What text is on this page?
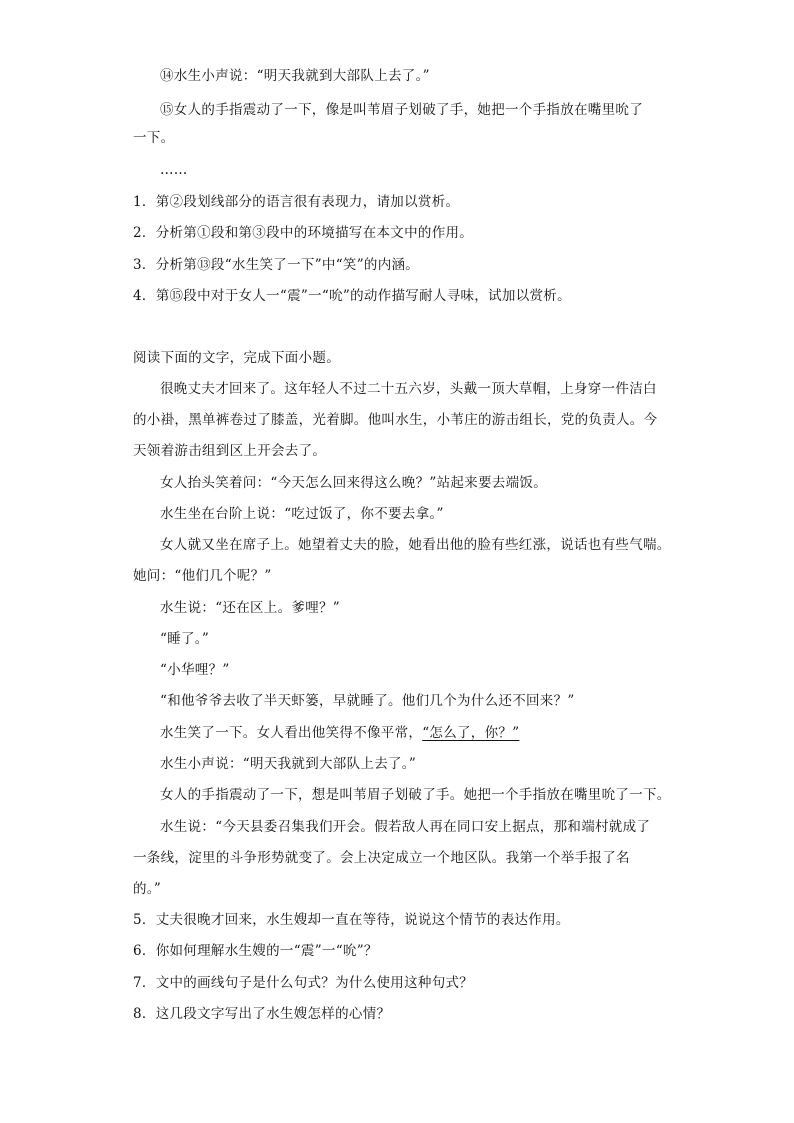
⑭水生小声说：“明天我就到大部队上去了。”
⑮女人的手指震动了一下，像是叫苇眉子划破了手，她把一个手指放在嘴里吮了
一下。
……
1．第②段划线部分的语言很有表现力，请加以赏析。
2．分析第①段和第③段中的环境描写在本文中的作用。
3．分析第⑬段“水生笑了一下”中“笑”的内涵。
4．第⑮段中对于女人一“震”一“吮”的动作描写耐人寻味，试加以赏析。
阅读下面的文字，完成下面小题。
很晚丈夫才回来了。这年轻人不过二十五六岁，头戴一顶大草帽，上身穿一件洁白
的小褂，黑单裤卷过了膝盖，光着脚。他叫水生，小苇庄的游击组长，党的负责人。今
天领着游击组到区上开会去了。
女人抬头笑着问：“今天怎么回来得这么晚？”站起来要去端饭。
水生坐在台阶上说：“吃过饭了，你不要去拿。”
女人就又坐在席子上。她望着丈夫的脸，她看出他的脸有些红涨，说话也有些气喘。
她问：“他们几个呢？”
水生说：“还在区上。爹哩？”
“睡了。”
“小华哩？”
“和他爷爷去收了半天虾篓，早就睡了。他们几个为什么还不回来？”
水生笑了一下。女人看出他笑得不像平常，“怎么了，你？”
水生小声说：“明天我就到大部队上去了。”
女人的手指震动了一下，想是叫苇眉子划破了手。她把一个手指放在嘴里吮了一下。
水生说：“今天县委召集我们开会。假若敌人再在同口安上据点，那和端村就成了
一条线，淀里的斗争形势就变了。会上决定成立一个地区队。我第一个举手报了名
的。”
5．丈夫很晚才回来，水生嫂却一直在等待，说说这个情节的表达作用。
6．你如何理解水生嫂的一“震”一“吮”？
7．文中的画线句子是什么句式？为什么使用这种句式？
8．这几段文字写出了水生嫂怎样的心情？
